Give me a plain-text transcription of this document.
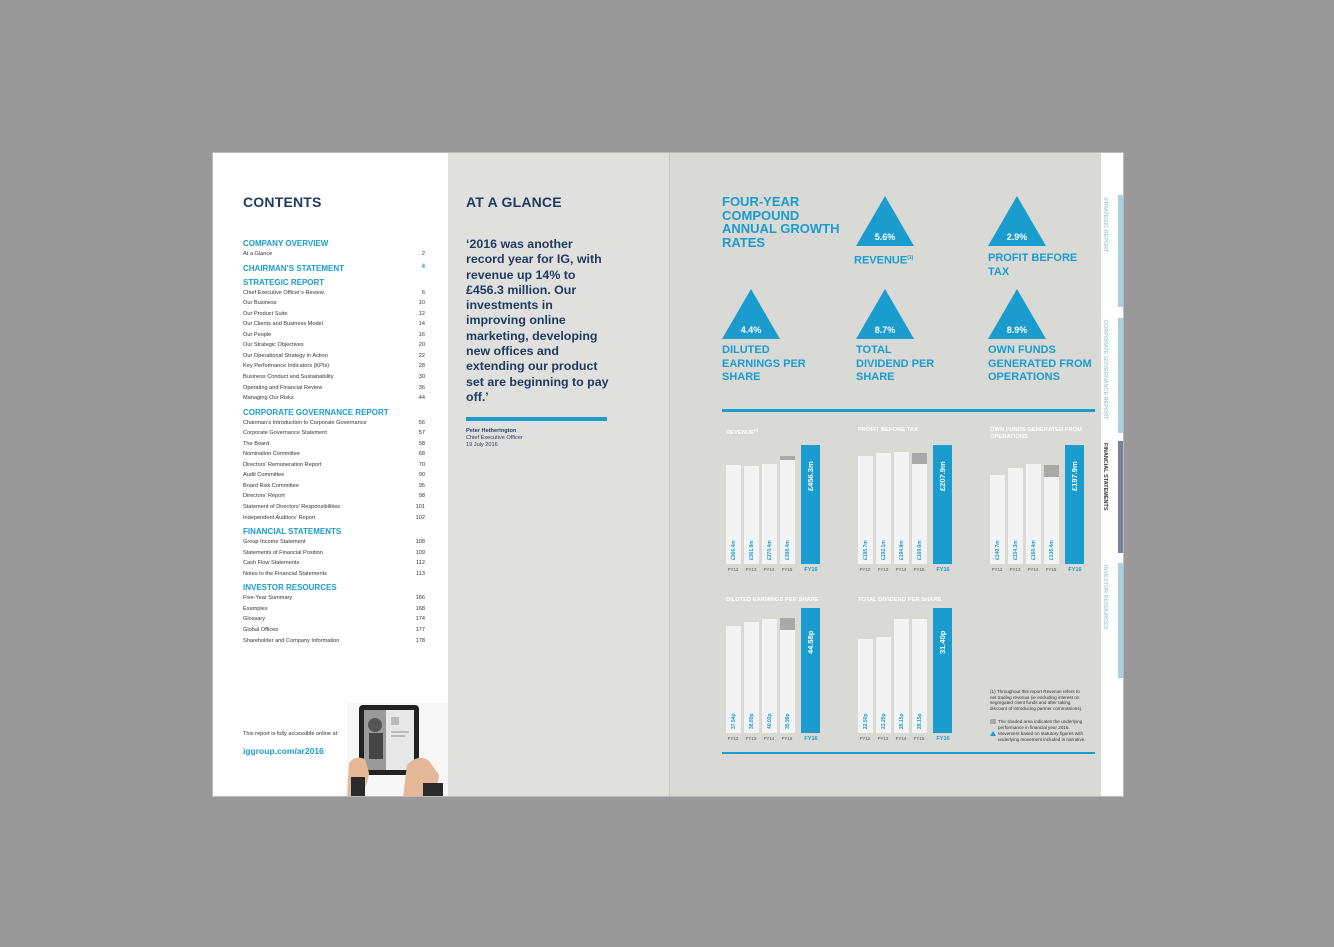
CONTENTS
COMPANY OVERVIEW
At a Glance	2
CHAIRMAN’S STATEMENT	4
STRATEGIC REPORT
Chief Executive Officer’s Review	6
Our Business	10
Our Product Suite	12
Our Clients and Business Model	14
Our People	16
Our Strategic Objectives	20
Our Operational Strategy in Action	22
Key Performance Indicators (KPIs)	28
Business Conduct and Sustainability	30
Operating and Financial Review	36
Managing Our Risks	44
CORPORATE GOVERNANCE REPORT
Chairman’s Introduction to Corporate Governance	56
Corporate Governance Statement	57
The Board	58
Nomination Committee	68
Directors’ Remuneration Report	70
Audit Committee	90
Board Risk Committee	95
Directors’ Report	98
Statement of Directors’ Responsibilities	101
Independent Auditors’ Report	102
FINANCIAL STATEMENTS
Group Income Statement	108
Statements of Financial Position	109
Cash Flow Statements	112
Notes to the Financial Statements	113
INVESTOR RESOURCES
Five-Year Summary	166
Examples	168
Glossary	174
Global Offices	177
Shareholder and Company Information	178
This report is fully accessible online at:
iggroup.com/ar2016
AT A GLANCE
‘2016 was another record year for IG, with revenue up 14% to £456.3 million. Our investments in improving online marketing, developing new offices and extending our product set are beginning to pay off.’
Peter Hetherington
Chief Executive Officer
19 July 2016
FOUR-YEAR COMPOUND ANNUAL GROWTH RATES	5.6%
REVENUE$^{(1)}$
2.9%
PROFIT BEFORE TAX
4.4%
DILUTED EARNINGS PER SHARE
8.7%
TOTAL DIVIDEND PER SHARE
8.9%
OWN FUNDS GENERATED FROM OPERATIONS
REVENUE$^{(1)}$
£366.4m
FY12
£361.9m
FY13
£370.4m
FY14
£388.4m
FY15
£456.3m
FY16
PROFIT BEFORE TAX
£185.7m
FY12
£192.1m
FY13
£194.9m
FY14
£169.6m
FY15
£207.9m
FY16
OWN FUNDS GENERATED FROM OPERATIONS
£140.7m
FY12
£154.3m
FY13
£160.4m
FY14
£136.4m
FY15
£197.9m
FY16
DILUTED EARNINGS PER SHARE
37.54p
FY12
38.80p
FY13
40.02p
FY14
35.99p
FY15
44.58p
FY16
TOTAL DIVIDEND PER SHARE
22.50p
FY12
23.25p
FY13
28.15p
FY14
28.15p
FY15
31.40p
FY16
(1) Throughout this report Revenue refers to net trading revenue (ie excluding interest on segregated client funds and after taking discount of introducing partner commissions).
The shaded area indicates the underlying performance in financial year 2015.
Movement based on statutory figures with underlying movement included in narrative.
STRATEGIC REPORT
CORPORATE GOVERNANCE REPORT
FINANCIAL STATEMENTS
INVESTOR RESOURCES
